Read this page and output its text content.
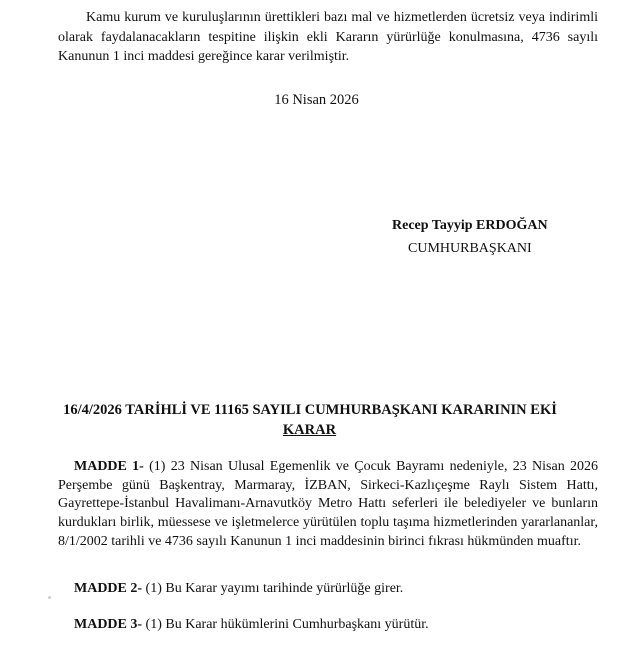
Kamu kurum ve kuruluşlarının ürettikleri bazı mal ve hizmetlerden ücretsiz veya indirimli olarak faydalanacakların tespitine ilişkin ekli Kararın yürürlüğe konulmasına, 4736 sayılı Kanunun 1 inci maddesi gereğince karar verilmiştir.

16 Nisan 2026

Recep Tayyip ERDOĞAN

CUMHURBAŞKANI

16/4/2026 TARİHLİ VE 11165 SAYILI CUMHURBAŞKANI KARARININ EKİ

KARAR

MADDE 1- (1) 23 Nisan Ulusal Egemenlik ve Çocuk Bayramı nedeniyle, 23 Nisan 2026 Perşembe günü Başkentray, Marmaray, İZBAN, Sirkeci-Kazlıçeşme Raylı Sistem Hattı, Gayrettepe-İstanbul Havalimanı-Arnavutköy Metro Hattı seferleri ile belediyeler ve bunların kurdukları birlik, müessese ve işletmelerce yürütülen toplu taşıma hizmetlerinden yararlananlar, 8/1/2002 tarihli ve 4736 sayılı Kanunun 1 inci maddesinin birinci fıkrası hükmünden muaftır.

MADDE 2- (1) Bu Karar yayımı tarihinde yürürlüğe girer.

MADDE 3- (1) Bu Karar hükümlerini Cumhurbaşkanı yürütür.
